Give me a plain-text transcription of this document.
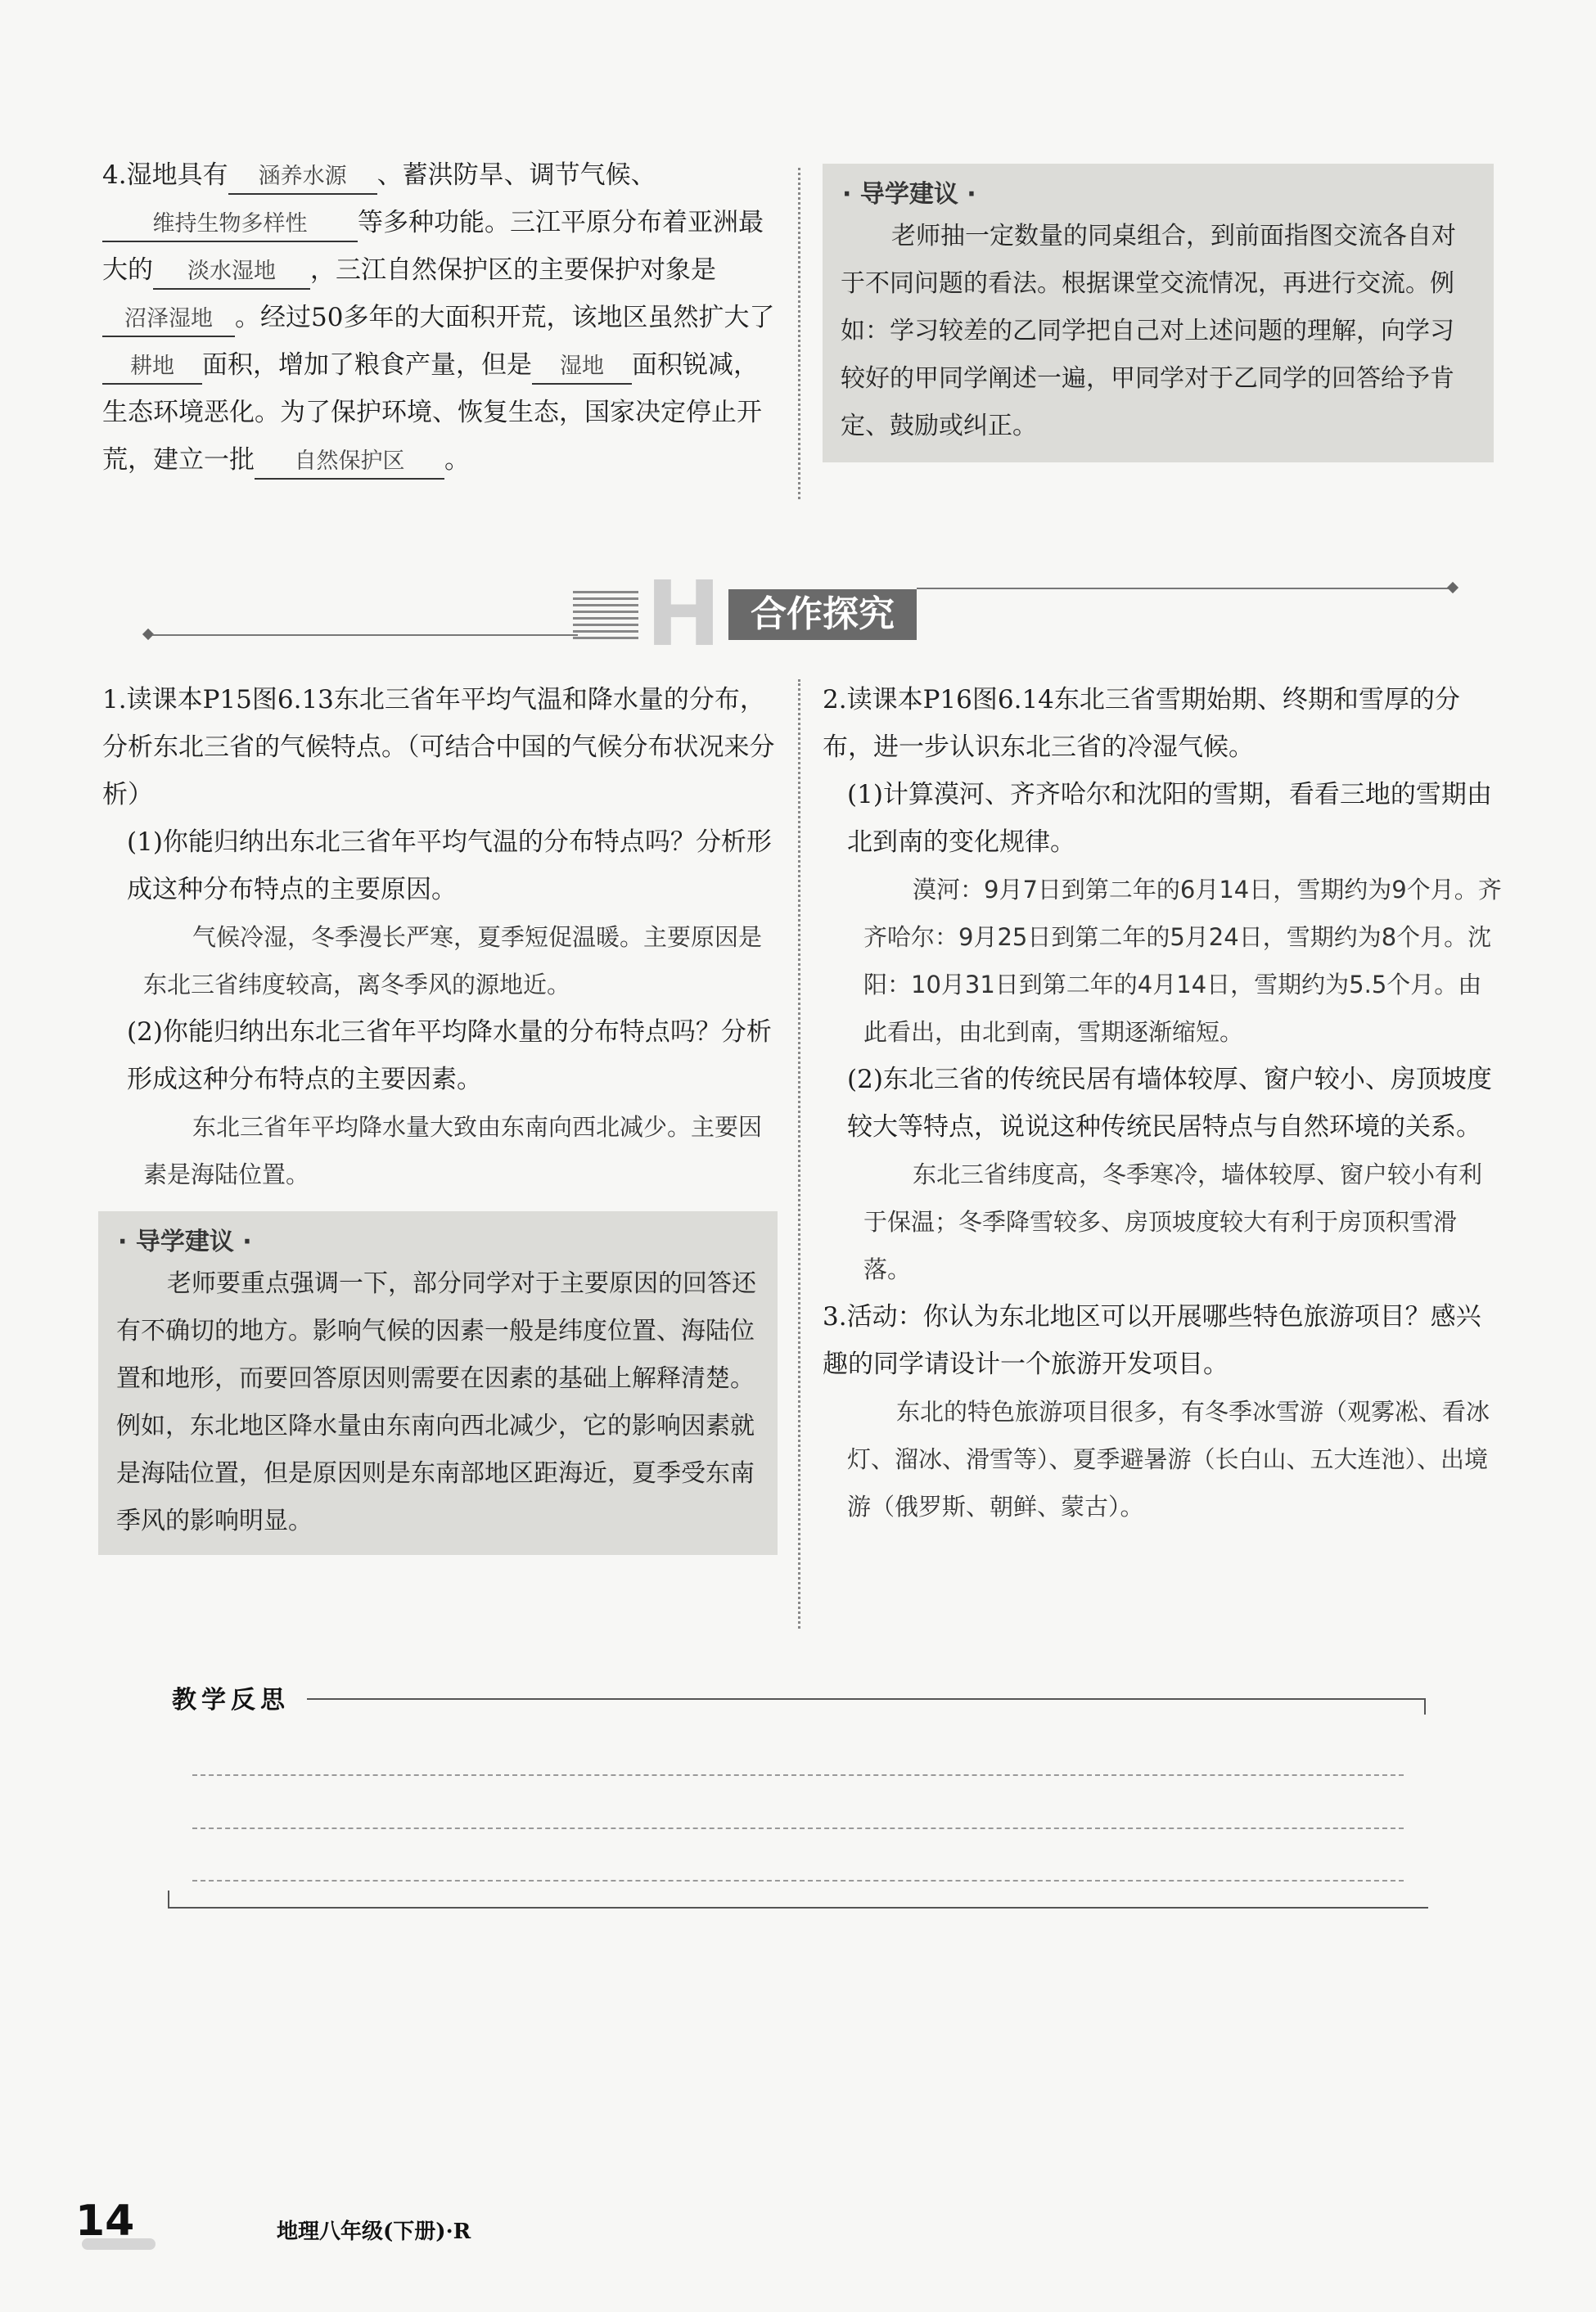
4.湿地具有 涵养水源 、蓄洪防旱、调节气候、维持生物多样性 等多种功能。三江平原分布着亚洲最大的 淡水湿地 ，三江自然保护区的主要保护对象是沼泽湿地 。经过50多年的大面积开荒，该地区虽然扩大了耕地 面积，增加了粮食产量，但是 湿地 面积锐减，生态环境恶化。为了保护环境、恢复生态，国家决定停止开荒，建立一批 自然保护区 。

· 导学建议 ·
老师抽一定数量的同桌组合，到前面指图交流各自对于不同问题的看法。根据课堂交流情况，再进行交流。例如：学习较差的乙同学把自己对上述问题的理解，向学习较好的甲同学阐述一遍，甲同学对于乙同学的回答给予肯定、鼓励或纠正。
H 合作探究

1.读课本P15图6.13东北三省年平均气温和降水量的分布，分析东北三省的气候特点。（可结合中国的气候分布状况来分析）

(1)你能归纳出东北三省年平均气温的分布特点吗？分析形成这种分布特点的主要原因。

气候冷湿，冬季漫长严寒，夏季短促温暖。主要原因是东北三省纬度较高，离冬季风的源地近。

(2)你能归纳出东北三省年平均降水量的分布特点吗？分析形成这种分布特点的主要因素。

东北三省年平均降水量大致由东南向西北减少。主要因素是海陆位置。

· 导学建议 ·
老师要重点强调一下，部分同学对于主要原因的回答还有不确切的地方。影响气候的因素一般是纬度位置、海陆位置和地形，而要回答原因则需要在因素的基础上解释清楚。例如，东北地区降水量由东南向西北减少，它的影响因素就是海陆位置，但是原因则是东南部地区距海近，夏季受东南季风的影响明显。

2.读课本P16图6.14东北三省雪期始期、终期和雪厚的分布，进一步认识东北三省的冷湿气候。

(1)计算漠河、齐齐哈尔和沈阳的雪期，看看三地的雪期由北到南的变化规律。

漠河：9月7日到第二年的6月14日，雪期约为9个月。齐齐哈尔：9月25日到第二年的5月24日，雪期约为8个月。沈阳：10月31日到第二年的4月14日，雪期约为5.5个月。由此看出，由北到南，雪期逐渐缩短。

(2)东北三省的传统民居有墙体较厚、窗户较小、房顶坡度较大等特点，说说这种传统民居特点与自然环境的关系。

东北三省纬度高，冬季寒冷，墙体较厚、窗户较小有利于保温；冬季降雪较多、房顶坡度较大有利于房顶积雪滑落。

3.活动：你认为东北地区可以开展哪些特色旅游项目？感兴趣的同学请设计一个旅游开发项目。

东北的特色旅游项目很多，有冬季冰雪游（观雾凇、看冰灯、溜冰、滑雪等）、夏季避暑游（长白山、五大连池）、出境游（俄罗斯、朝鲜、蒙古）。

教学反思
14	地理八年级(下册)·R
